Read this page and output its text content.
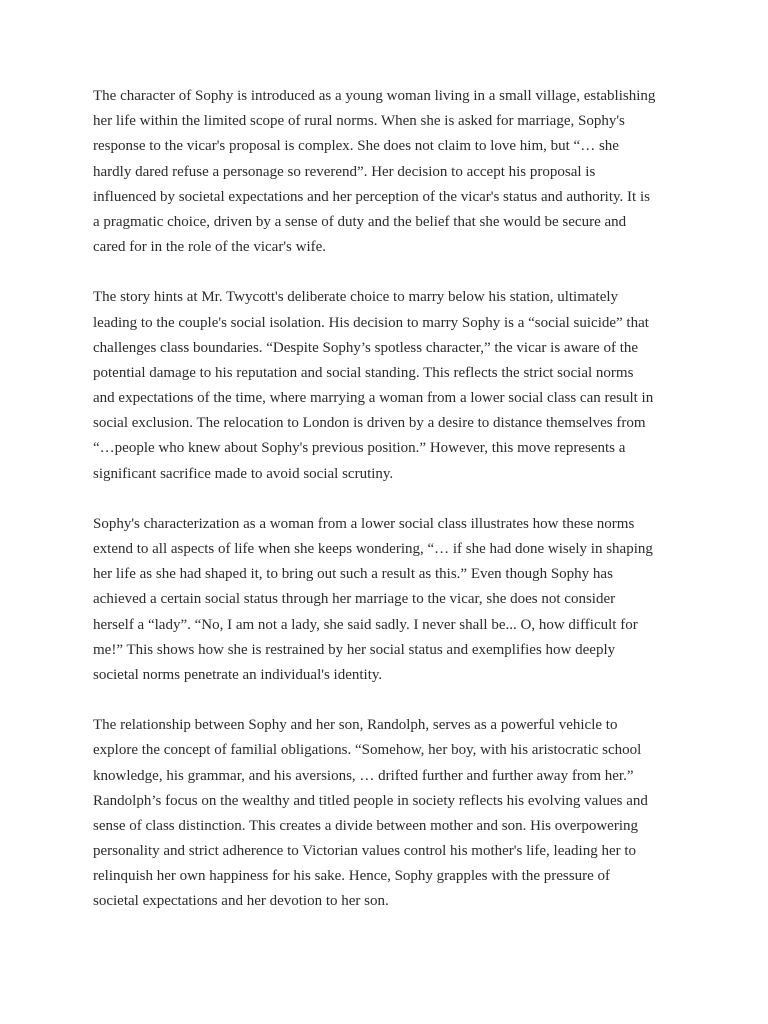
The character of Sophy is introduced as a young woman living in a small village, establishing
her life within the limited scope of rural norms. When she is asked for marriage, Sophy's
response to the vicar's proposal is complex. She does not claim to love him, but “… she
hardly dared refuse a personage so reverend”. Her decision to accept his proposal is
influenced by societal expectations and her perception of the vicar's status and authority. It is
a pragmatic choice, driven by a sense of duty and the belief that she would be secure and
cared for in the role of the vicar's wife.
The story hints at Mr. Twycott's deliberate choice to marry below his station, ultimately
leading to the couple's social isolation. His decision to marry Sophy is a “social suicide” that
challenges class boundaries. “Despite Sophy’s spotless character,” the vicar is aware of the
potential damage to his reputation and social standing. This reflects the strict social norms
and expectations of the time, where marrying a woman from a lower social class can result in
social exclusion. The relocation to London is driven by a desire to distance themselves from
“…people who knew about Sophy's previous position.” However, this move represents a
significant sacrifice made to avoid social scrutiny.
Sophy's characterization as a woman from a lower social class illustrates how these norms
extend to all aspects of life when she keeps wondering, “… if she had done wisely in shaping
her life as she had shaped it, to bring out such a result as this.” Even though Sophy has
achieved a certain social status through her marriage to the vicar, she does not consider
herself a “lady”. “No, I am not a lady, she said sadly. I never shall be... O, how difficult for
me!” This shows how she is restrained by her social status and exemplifies how deeply
societal norms penetrate an individual's identity.
The relationship between Sophy and her son, Randolph, serves as a powerful vehicle to
explore the concept of familial obligations. “Somehow, her boy, with his aristocratic school
knowledge, his grammar, and his aversions, … drifted further and further away from her.”
Randolph’s focus on the wealthy and titled people in society reflects his evolving values and
sense of class distinction. This creates a divide between mother and son. His overpowering
personality and strict adherence to Victorian values control his mother's life, leading her to
relinquish her own happiness for his sake. Hence, Sophy grapples with the pressure of
societal expectations and her devotion to her son.
